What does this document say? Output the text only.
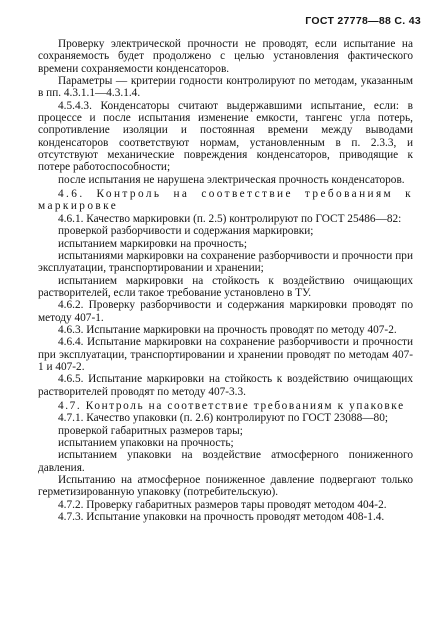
ГОСТ 27778—88 С. 43

Проверку электрической прочности не проводят, если испытание на сохраняемость будет продолжено с целью установления фактического времени сохраняемости конденсаторов.

Параметры — критерии годности контролируют по методам, указанным в пп. 4.3.1.1—4.3.1.4.

4.5.4.3. Конденсаторы считают выдержавшими испытание, если: в процессе и после испытания изменение емкости, тангенс угла потерь, сопротивление изоляции и постоянная времени между выводами конденсаторов соответствуют нормам, установленным в п. 2.3.3, и отсутствуют механические повреждения конденсаторов, приводящие к потере работоспособности;

после испытания не нарушена электрическая прочность конденсаторов.

4.6. Контроль на соответствие требованиям к маркировке

4.6.1. Качество маркировки (п. 2.5) контролируют по ГОСТ 25486—82:

проверкой разборчивости и содержания маркировки;

испытанием маркировки на прочность;

испытаниями маркировки на сохранение разборчивости и прочности при эксплуатации, транспортировании и хранении;

испытанием маркировки на стойкость к воздействию очищающих растворителей, если такое требование установлено в ТУ.

4.6.2. Проверку разборчивости и содержания маркировки проводят по методу 407-1.

4.6.3. Испытание маркировки на прочность проводят по методу 407-2.

4.6.4. Испытание маркировки на сохранение разборчивости и прочности при эксплуатации, транспортировании и хранении проводят по методам 407-1 и 407-2.

4.6.5. Испытание маркировки на стойкость к воздействию очищающих растворителей проводят по методу 407-3.3.

4.7. Контроль на соответствие требованиям к упаковке

4.7.1. Качество упаковки (п. 2.6) контролируют по ГОСТ 23088—80;

проверкой габаритных размеров тары;

испытанием упаковки на прочность;

испытанием упаковки на воздействие атмосферного пониженного давления.

Испытанию на атмосферное пониженное давление подвергают только герметизированную упаковку (потребительскую).

4.7.2. Проверку габаритных размеров тары проводят методом 404-2.

4.7.3. Испытание упаковки на прочность проводят методом 408-1.4.
